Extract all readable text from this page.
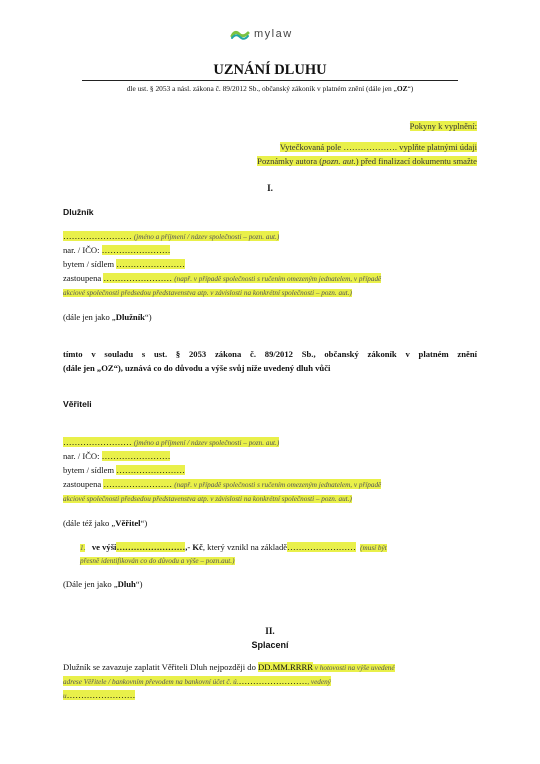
mylaw
UZNÁNÍ DLUHU
dle ust. § 2053 a násl. zákona č. 89/2012 Sb., občanský zákoník v platném znění (dále jen „OZ“)
Pokyny k vyplnění:
Vytečkovaná pole ………………. vyplňte platnými údaji
Poznámky autora (pozn. aut.) před finalizací dokumentu smažte
I.
Dlužník
…………………… (jméno a příjmení / název společnosti – pozn. aut.)
nar. / IČO: ……………………
bytem / sídlem ……………………
zastoupena …………………… (např. v případě společnosti s ručením omezeným jednatelem, v případě
akciové společnosti předsedou představenstva atp. v závislosti na konkrétní společnosti – pozn. aut.)
(dále jen jako „Dlužník“)
tímto v souladu s ust. § 2053 zákona č. 89/2012 Sb., občanský zákoník v platném znění
(dále jen „OZ“), uznává co do důvodu a výše svůj níže uvedený dluh vůči
Věřiteli
…………………… (jméno a příjmení / název společnosti – pozn. aut.)
nar. / IČO: ……………………
bytem / sídlem ……………………
zastoupena …………………… (např. v případě společnosti s ručením omezeným jednatelem, v případě
akciové společnosti předsedou představenstva atp. v závislosti na konkrétní společnosti – pozn. aut.)
(dále též jako „Věřitel“)
1. ve výši……………………,- Kč, který vznikl na základě…………………… (musí být
přesně identifikován co do důvodu a výše – pozn.aut.)
(Dále jen jako „Dluh“)
II.
Splacení
Dlužník se zavazuje zaplatit Věřiteli Dluh nejpozději do DD.MM.RRRR v hotovosti na výše uvedené
adrese Věřitele / bankovním převodem na bankovní účet č. ú.……………………, vedený
u……………………
